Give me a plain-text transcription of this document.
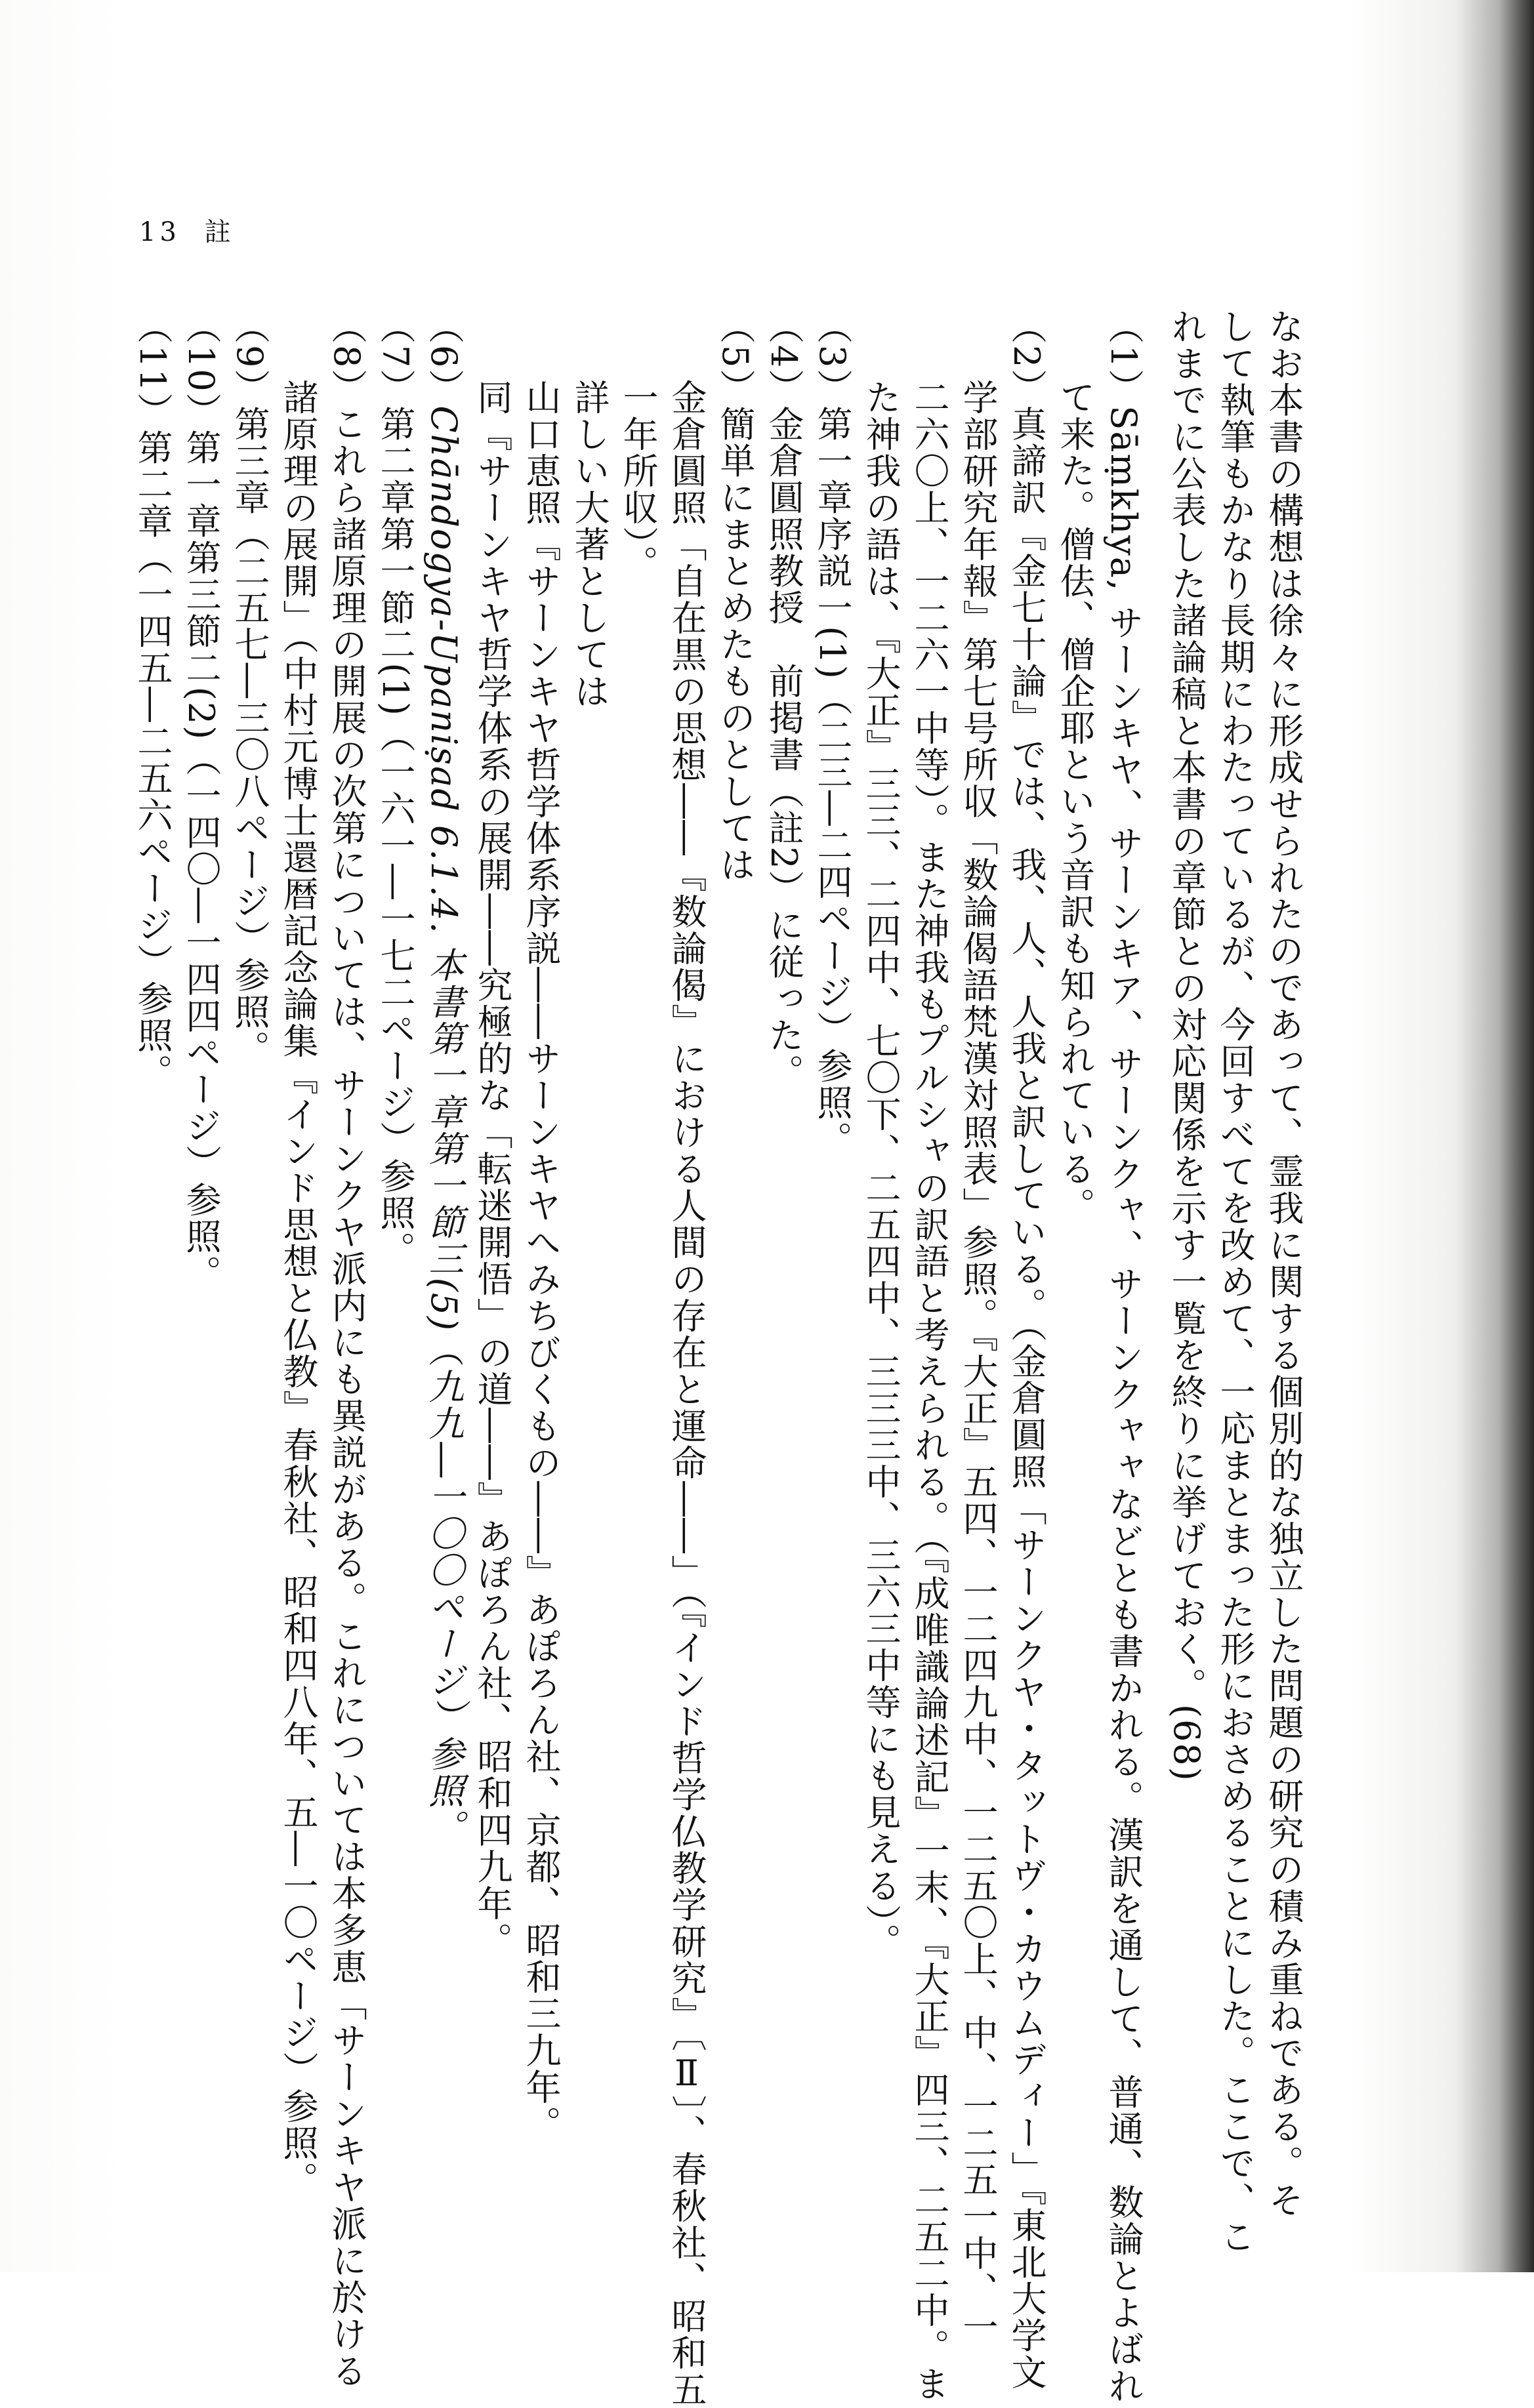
13 註
なお本書の構想は徐々に形成せられたのであって、霊我に関する個別的な独立した問題の研究の積み重ねである。そ
して執筆もかなり長期にわたっているが、今回すべてを改めて、一応まとまった形におさめることにした。ここで、こ
れまでに公表した諸論稿と本書の章節との対応関係を示す一覧を終りに挙げておく。(68)
（1）Sāṃkhya, サーンキヤ、サーンキア、サーンクャ、サーンクャャなどとも書かれる。漢訳を通して、普通、数論とよばれ
て来た。僧佉、僧企耶という音訳も知られている。
（2）真諦訳『金七十論』では、我、人、人我と訳している。（金倉圓照「サーンクヤ・タットヴ・カウムディー」『東北大学文
学部研究年報』第七号所収「数論偈語梵漢対照表」参照。『大正』五四、一二四九中、一二五〇上、中、一二五一中、一
二六〇上、一二六一中等）。また神我もプルシャの訳語と考えられる。（『成唯識論述記』一末、『大正』四三、二五二中。ま
た神我の語は、『大正』三三、二四中、七〇下、二五四中、三三三中、三六三中等にも見える）。
（3）第一章序説一(1)（二三―二四ページ）参照。
（4）金倉圓照教授　前掲書（註2）に従った。
（5）簡単にまとめたものとしては
金倉圓照「自在黒の思想――『数論偈』における人間の存在と運命――」（『インド哲学仏教学研究』〔Ⅱ〕、春秋社、昭和五
一年所収）。
詳しい大著としては
山口恵照『サーンキヤ哲学体系序説――サーンキヤへみちびくもの――』あぽろん社、京都、昭和三九年。
同『サーンキヤ哲学体系の展開――究極的な「転迷開悟」の道――』あぽろん社、昭和四九年。
（6）Chāndogya-Upaniṣad 6.1.4. 本書第一章第一節三(5)（九九―一〇〇ページ）参照。
（7）第二章第一節二(1)（一六一―一七二ページ）参照。
（8）これら諸原理の開展の次第については、サーンクヤ派内にも異説がある。これについては本多恵「サーンキヤ派に於ける
諸原理の展開」（中村元博士還暦記念論集『インド思想と仏教』春秋社、昭和四八年、五―一〇ページ）参照。
（9）第三章（二五七―三〇八ページ）参照。
（10）第一章第三節二(2)（一四〇―一四四ページ）参照。
（11）第二章（一四五―二五六ページ）参照。
